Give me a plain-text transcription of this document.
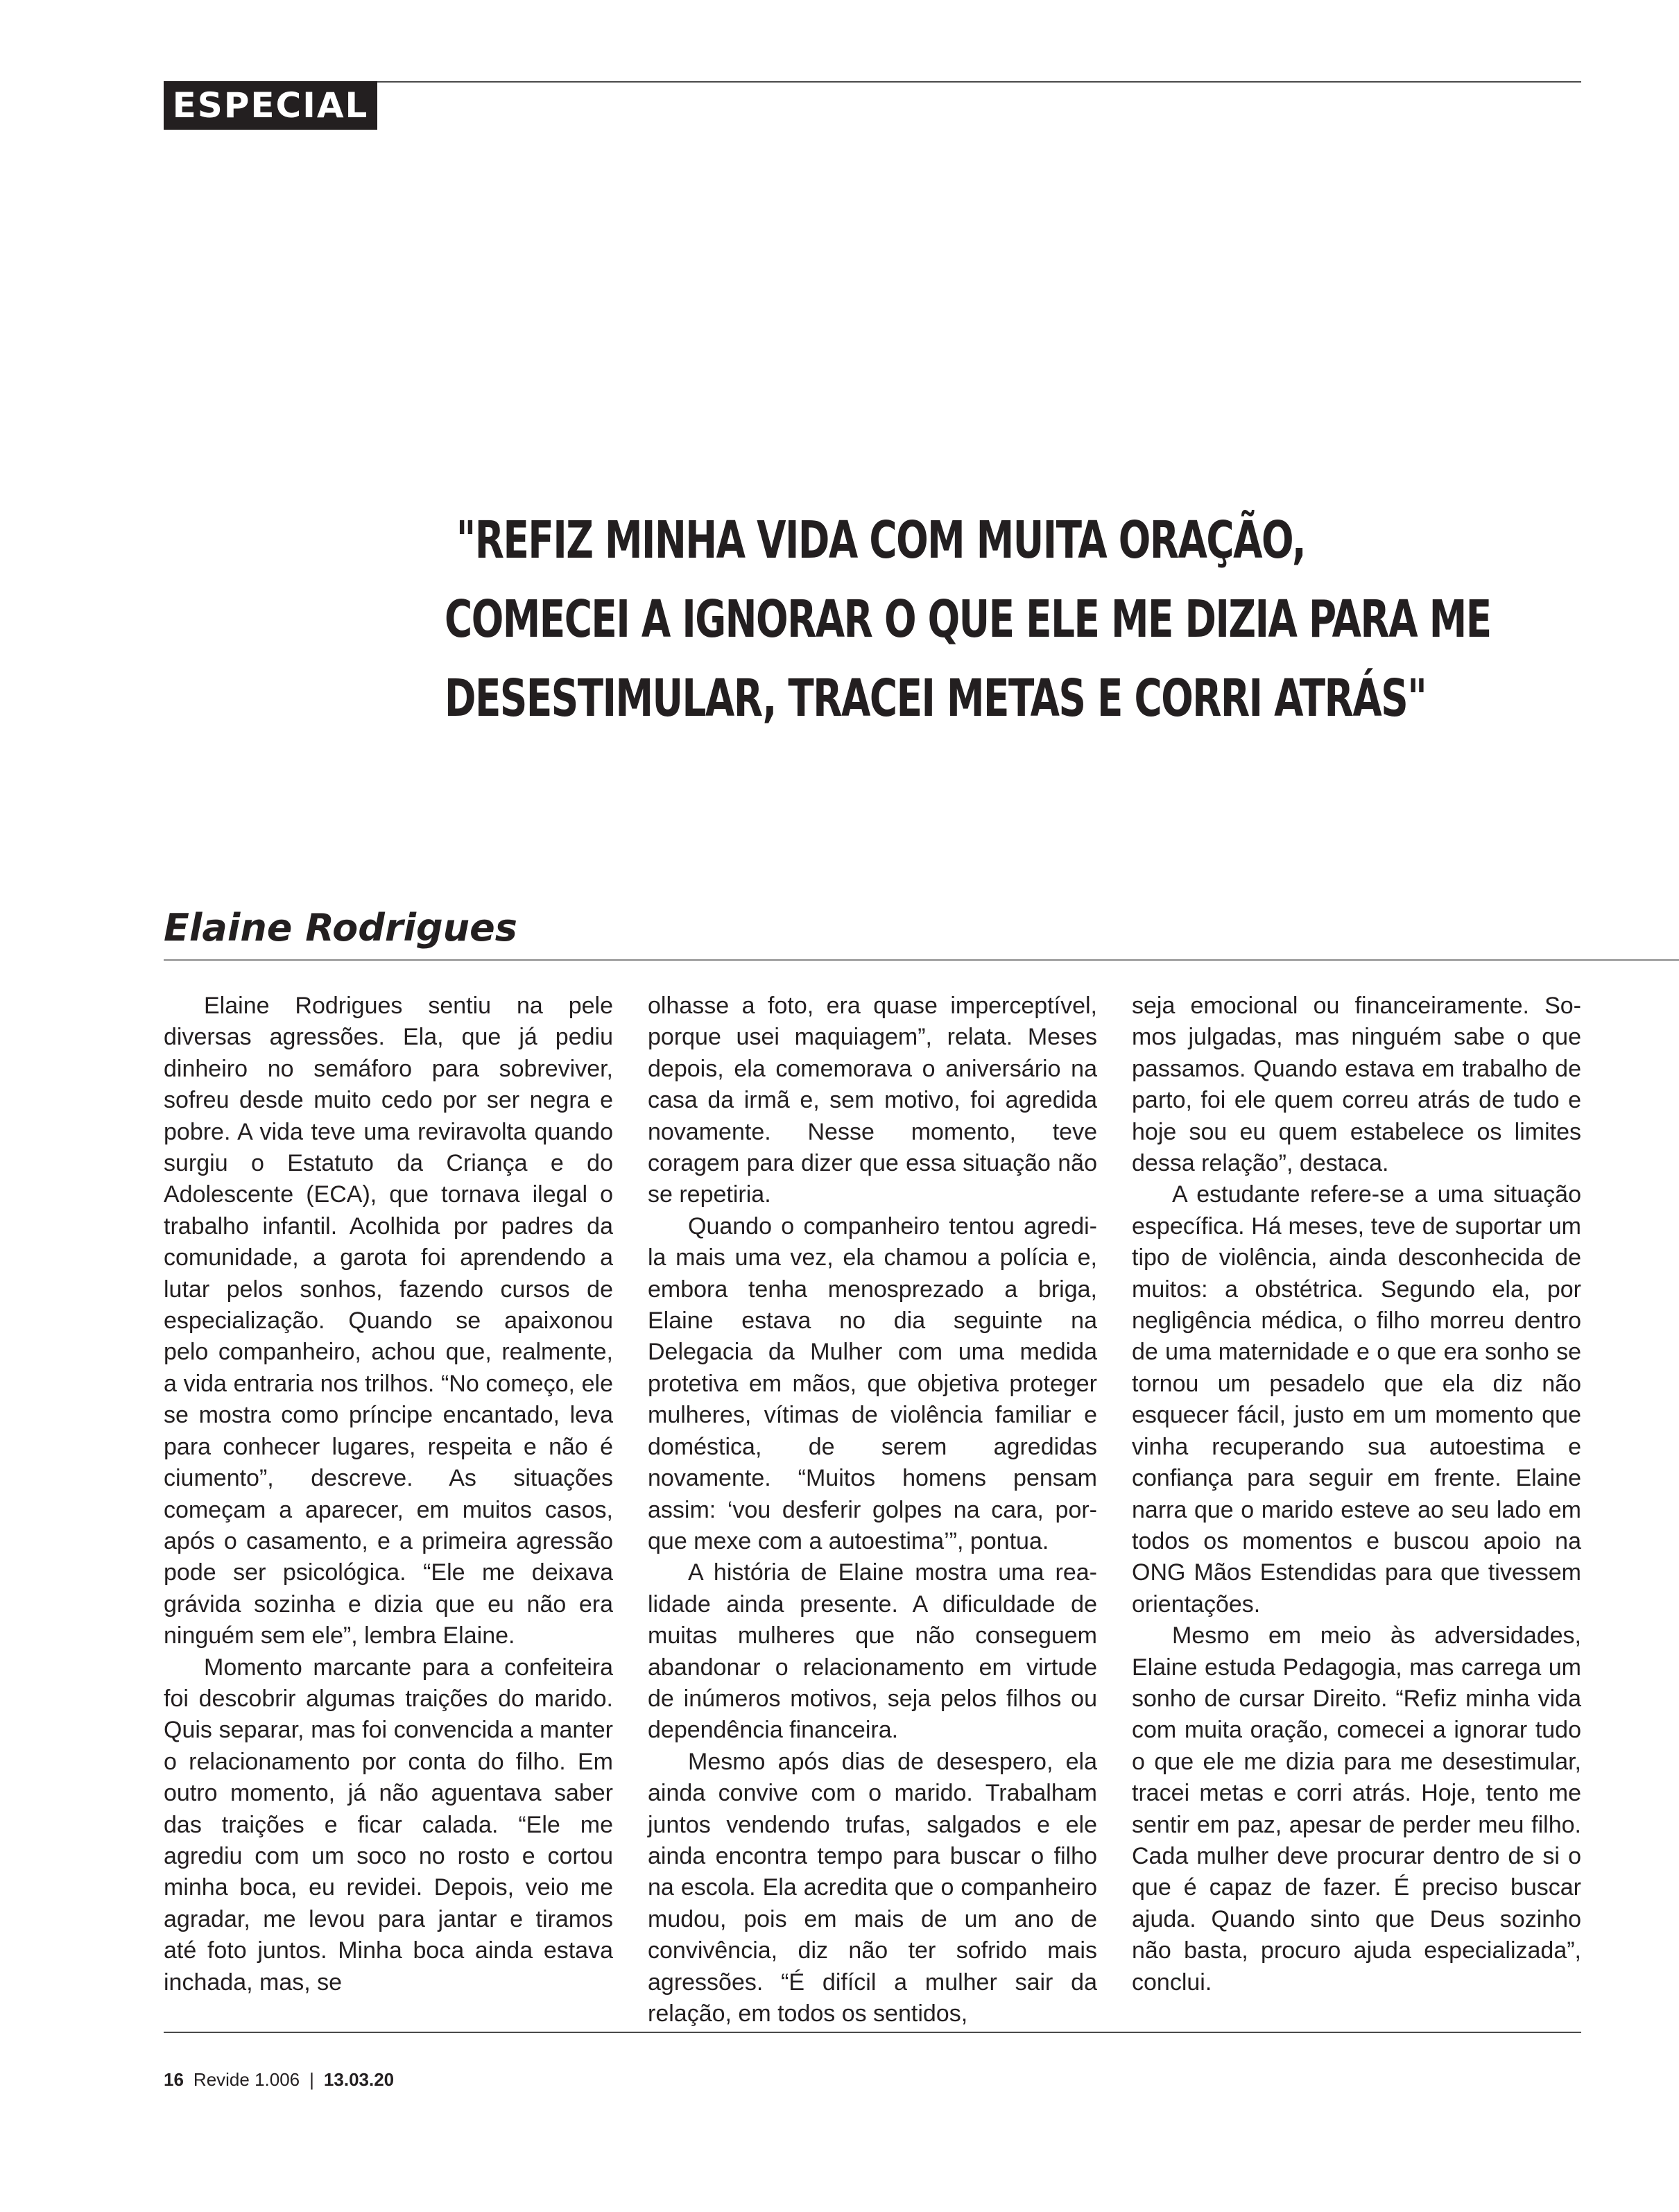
ESPECIAL
"REFIZ MINHA VIDA COM MUITA ORAÇÃO,
COMECEI A IGNORAR O QUE ELE ME DIZIA PARA ME
DESESTIMULAR, TRACEI METAS E CORRI ATRÁS"
Elaine Rodrigues

Elaine Rodrigues sentiu na pele diversas agressões. Ela, que já pediu dinheiro no semáforo para sobreviver, sofreu desde muito cedo por ser negra e pobre. A vida teve uma reviravolta quando surgiu o Estatuto da Criança e do Adolescente (ECA), que tornava ilegal o trabalho infantil. Acolhida por padres da comunidade, a garota foi aprendendo a lutar pelos sonhos, fazendo cursos de especialização. Quando se apaixonou pelo companheiro, achou que, realmente, a vida entraria nos trilhos. “No começo, ele se mostra como príncipe encantado, leva para conhecer lugares, respeita e não é ciumento”, descreve. As situações começam a aparecer, em muitos casos, após o casamento, e a primeira agressão pode ser psicológica. “Ele me deixava grávida sozinha e dizia que eu não era ninguém sem ele”, lembra Elaine.

Momento marcante para a confeiteira foi descobrir algumas traições do marido. Quis separar, mas foi convencida a manter o relacionamento por conta do filho. Em outro momento, já não aguentava saber das traições e ficar calada. “Ele me agrediu com um soco no rosto e cortou minha boca, eu revidei. Depois, veio me agradar, me levou para jantar e tiramos até foto juntos. Minha boca ainda estava inchada, mas, se

olhasse a foto, era quase imperceptível, porque usei maquiagem”, relata. Meses depois, ela comemorava o aniversário na casa da irmã e, sem motivo, foi agredida novamente. Nesse momento, teve coragem para dizer que essa situação não se repetiria.

Quando o companheiro tentou agredi-la mais uma vez, ela chamou a polícia e, embora tenha menosprezado a briga, Elaine estava no dia seguinte na Delegacia da Mulher com uma medida protetiva em mãos, que objetiva proteger mulheres, vítimas de violência familiar e doméstica, de serem agredidas novamente. “Muitos homens pensam assim: ‘vou desferir golpes na cara, porque mexe com a autoestima’”, pontua.

A história de Elaine mostra uma realidade ainda presente. A dificuldade de muitas mulheres que não conseguem abandonar o relacionamento em virtude de inúmeros motivos, seja pelos filhos ou dependência financeira.

Mesmo após dias de desespero, ela ainda convive com o marido. Trabalham juntos vendendo trufas, salgados e ele ainda encontra tempo para buscar o filho na escola. Ela acredita que o companheiro mudou, pois em mais de um ano de convivência, diz não ter sofrido mais agressões. “É difícil a mulher sair da relação, em todos os sentidos,

seja emocional ou financeiramente. Somos julgadas, mas ninguém sabe o que passamos. Quando estava em trabalho de parto, foi ele quem correu atrás de tudo e hoje sou eu quem estabelece os limites dessa relação”, destaca.

A estudante refere-se a uma situação específica. Há meses, teve de suportar um tipo de violência, ainda desconhecida de muitos: a obstétrica. Segundo ela, por negligência médica, o filho morreu dentro de uma maternidade e o que era sonho se tornou um pesadelo que ela diz não esquecer fácil, justo em um momento que vinha recuperando sua autoestima e confiança para seguir em frente. Elaine narra que o marido esteve ao seu lado em todos os momentos e buscou apoio na ONG Mãos Estendidas para que tivessem orientações.

Mesmo em meio às adversidades, Elaine estuda Pedagogia, mas carrega um sonho de cursar Direito. “Refiz minha vida com muita oração, comecei a ignorar tudo o que ele me dizia para me desestimular, tracei metas e corri atrás. Hoje, tento me sentir em paz, apesar de perder meu filho. Cada mulher deve procurar dentro de si o que é capaz de fazer. É preciso buscar ajuda. Quando sinto que Deus sozinho não basta, procuro ajuda especializada”, conclui.

16 Revide 1.006 | 13.03.20
